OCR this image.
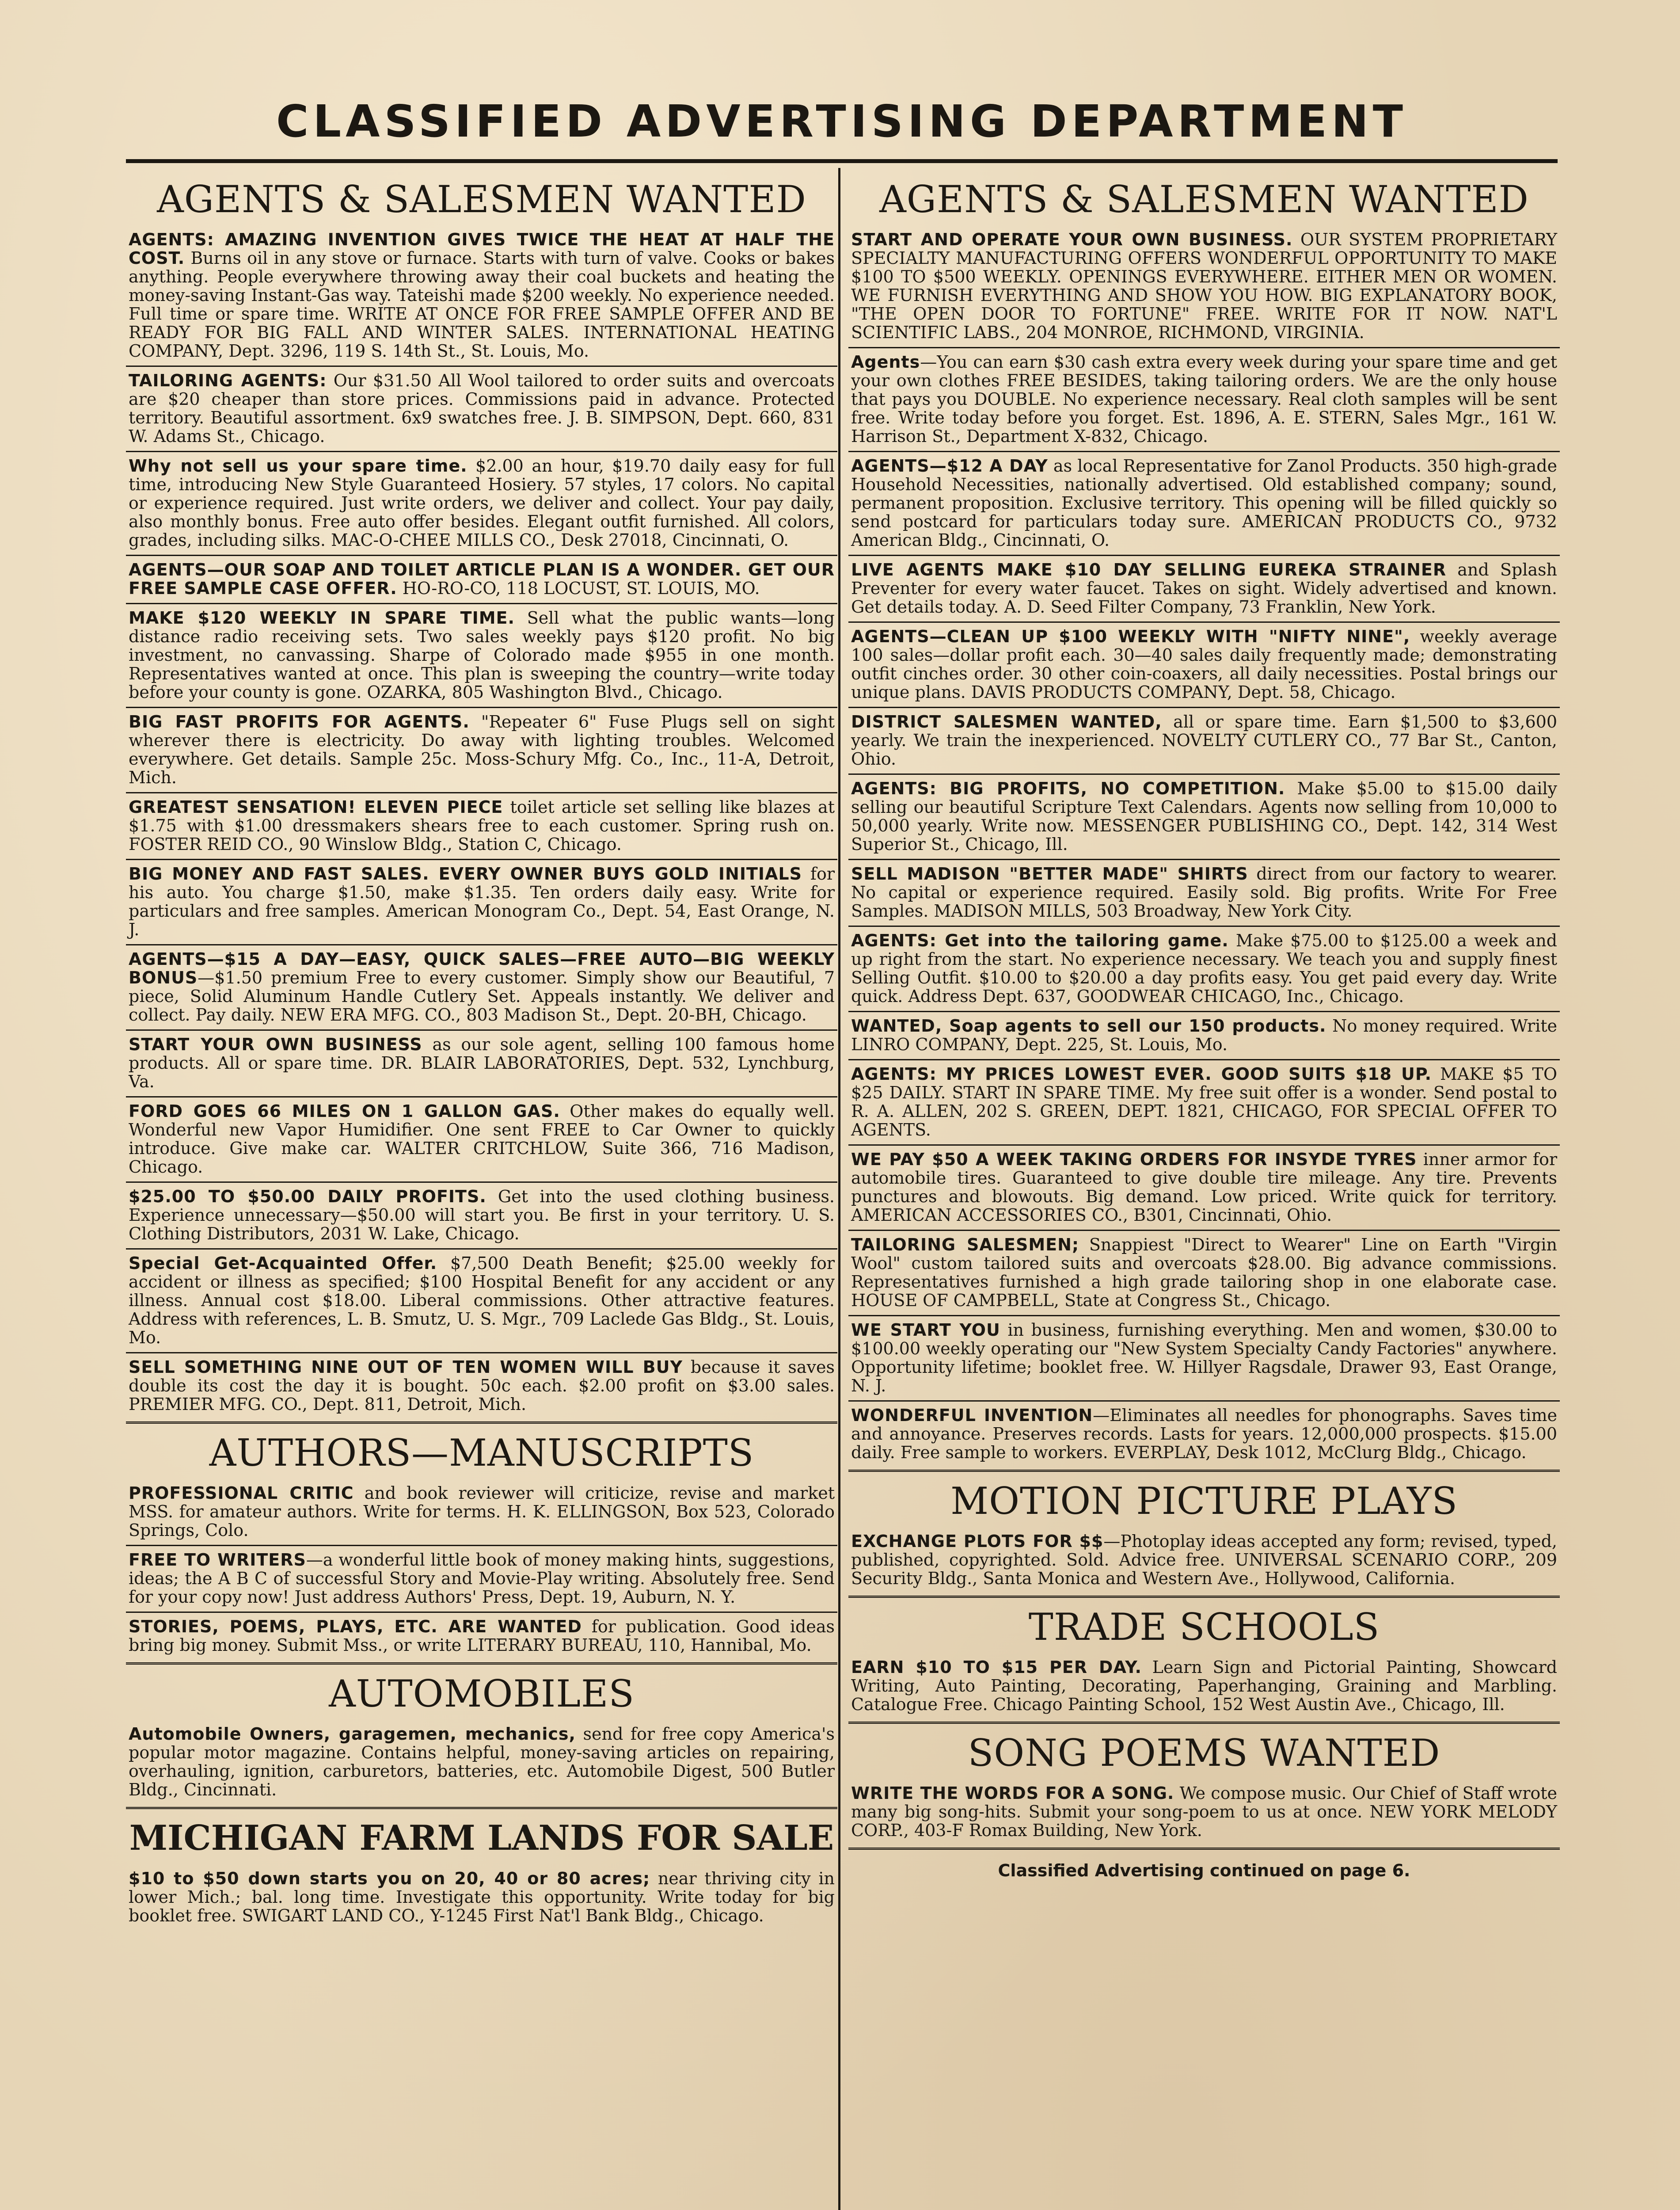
CLASSIFIED ADVERTISING DEPARTMENT
AGENTS & SALESMEN WANTED
AGENTS: AMAZING INVENTION GIVES TWICE THE HEAT AT HALF THE COST. Burns oil in any stove or furnace. Starts with turn of valve. Cooks or bakes anything. People everywhere throwing away their coal buckets and heating the money-saving Instant-Gas way. Tateishi made $200 weekly. No experience needed. Full time or spare time. WRITE AT ONCE FOR FREE SAMPLE OFFER AND BE READY FOR BIG FALL AND WINTER SALES. INTERNATIONAL HEATING COMPANY, Dept. 3296, 119 S. 14th St., St. Louis, Mo.
TAILORING AGENTS: Our $31.50 All Wool tailored to order suits and overcoats are $20 cheaper than store prices. Commissions paid in advance. Protected territory. Beautiful assortment. 6x9 swatches free. J. B. SIMPSON, Dept. 660, 831 W. Adams St., Chicago.
Why not sell us your spare time. $2.00 an hour, $19.70 daily easy for full time, introducing New Style Guaranteed Hosiery. 57 styles, 17 colors. No capital or experience required. Just write orders, we deliver and collect. Your pay daily, also monthly bonus. Free auto offer besides. Elegant outfit furnished. All colors, grades, including silks. MAC-O-CHEE MILLS CO., Desk 27018, Cincinnati, O.
AGENTS—OUR SOAP AND TOILET ARTICLE PLAN IS A WONDER. GET OUR FREE SAMPLE CASE OFFER. HO-RO-CO, 118 LOCUST, ST. LOUIS, MO.
MAKE $120 WEEKLY IN SPARE TIME. Sell what the public wants—long distance radio receiving sets. Two sales weekly pays $120 profit. No big investment, no canvassing. Sharpe of Colorado made $955 in one month. Representatives wanted at once. This plan is sweeping the country—write today before your county is gone. OZARKA, 805 Washington Blvd., Chicago.
BIG FAST PROFITS FOR AGENTS. "Repeater 6" Fuse Plugs sell on sight wherever there is electricity. Do away with lighting troubles. Welcomed everywhere. Get details. Sample 25c. Moss-Schury Mfg. Co., Inc., 11-A, Detroit, Mich.
GREATEST SENSATION! ELEVEN PIECE toilet article set selling like blazes at $1.75 with $1.00 dressmakers shears free to each customer. Spring rush on. FOSTER REID CO., 90 Winslow Bldg., Station C, Chicago.
BIG MONEY AND FAST SALES. EVERY OWNER BUYS GOLD INITIALS for his auto. You charge $1.50, make $1.35. Ten orders daily easy. Write for particulars and free samples. American Monogram Co., Dept. 54, East Orange, N. J.
AGENTS—$15 A DAY—EASY, QUICK SALES—FREE AUTO—BIG WEEKLY BONUS—$1.50 premium Free to every customer. Simply show our Beautiful, 7 piece, Solid Aluminum Handle Cutlery Set. Appeals instantly. We deliver and collect. Pay daily. NEW ERA MFG. CO., 803 Madison St., Dept. 20-BH, Chicago.
START YOUR OWN BUSINESS as our sole agent, selling 100 famous home products. All or spare time. DR. BLAIR LABORATORIES, Dept. 532, Lynchburg, Va.
FORD GOES 66 MILES ON 1 GALLON GAS. Other makes do equally well. Wonderful new Vapor Humidifier. One sent FREE to Car Owner to quickly introduce. Give make car. WALTER CRITCHLOW, Suite 366, 716 Madison, Chicago.
$25.00 TO $50.00 DAILY PROFITS. Get into the used clothing business. Experience unnecessary—$50.00 will start you. Be first in your territory. U. S. Clothing Distributors, 2031 W. Lake, Chicago.
Special Get-Acquainted Offer. $7,500 Death Benefit; $25.00 weekly for accident or illness as specified; $100 Hospital Benefit for any accident or any illness. Annual cost $18.00. Liberal commissions. Other attractive features. Address with references, L. B. Smutz, U. S. Mgr., 709 Laclede Gas Bldg., St. Louis, Mo.
SELL SOMETHING NINE OUT OF TEN WOMEN WILL BUY because it saves double its cost the day it is bought. 50c each. $2.00 profit on $3.00 sales. PREMIER MFG. CO., Dept. 811, Detroit, Mich.
AUTHORS—MANUSCRIPTS
PROFESSIONAL CRITIC and book reviewer will criticize, revise and market MSS. for amateur authors. Write for terms. H. K. ELLINGSON, Box 523, Colorado Springs, Colo.
FREE TO WRITERS—a wonderful little book of money making hints, suggestions, ideas; the A B C of successful Story and Movie-Play writing. Absolutely free. Send for your copy now! Just address Authors' Press, Dept. 19, Auburn, N. Y.
STORIES, POEMS, PLAYS, ETC. ARE WANTED for publication. Good ideas bring big money. Submit Mss., or write LITERARY BUREAU, 110, Hannibal, Mo.
AUTOMOBILES
Automobile Owners, garagemen, mechanics, send for free copy America's popular motor magazine. Contains helpful, money-saving articles on repairing, overhauling, ignition, carburetors, batteries, etc. Automobile Digest, 500 Butler Bldg., Cincinnati.
MICHIGAN FARM LANDS FOR SALE
$10 to $50 down starts you on 20, 40 or 80 acres; near thriving city in lower Mich.; bal. long time. Investigate this opportunity. Write today for big booklet free. SWIGART LAND CO., Y-1245 First Nat'l Bank Bldg., Chicago.
AGENTS & SALESMEN WANTED
START AND OPERATE YOUR OWN BUSINESS. OUR SYSTEM PROPRIETARY SPECIALTY MANUFACTURING OFFERS WONDERFUL OPPORTUNITY TO MAKE $100 TO $500 WEEKLY. OPENINGS EVERYWHERE. EITHER MEN OR WOMEN. WE FURNISH EVERYTHING AND SHOW YOU HOW. BIG EXPLANATORY BOOK, "THE OPEN DOOR TO FORTUNE" FREE. WRITE FOR IT NOW. NAT'L SCIENTIFIC LABS., 204 MONROE, RICHMOND, VIRGINIA.
Agents—You can earn $30 cash extra every week during your spare time and get your own clothes FREE BESIDES, taking tailoring orders. We are the only house that pays you DOUBLE. No experience necessary. Real cloth samples will be sent free. Write today before you forget. Est. 1896, A. E. STERN, Sales Mgr., 161 W. Harrison St., Department X-832, Chicago.
AGENTS—$12 A DAY as local Representative for Zanol Products. 350 high-grade Household Necessities, nationally advertised. Old established company; sound, permanent proposition. Exclusive territory. This opening will be filled quickly so send postcard for particulars today sure. AMERICAN PRODUCTS CO., 9732 American Bldg., Cincinnati, O.
LIVE AGENTS MAKE $10 DAY SELLING EUREKA STRAINER and Splash Preventer for every water faucet. Takes on sight. Widely advertised and known. Get details today. A. D. Seed Filter Company, 73 Franklin, New York.
AGENTS—CLEAN UP $100 WEEKLY WITH "NIFTY NINE", weekly average 100 sales—dollar profit each. 30—40 sales daily frequently made; demonstrating outfit cinches order. 30 other coin-coaxers, all daily necessities. Postal brings our unique plans. DAVIS PRODUCTS COMPANY, Dept. 58, Chicago.
DISTRICT SALESMEN WANTED, all or spare time. Earn $1,500 to $3,600 yearly. We train the inexperienced. NOVELTY CUTLERY CO., 77 Bar St., Canton, Ohio.
AGENTS: BIG PROFITS, NO COMPETITION. Make $5.00 to $15.00 daily selling our beautiful Scripture Text Calendars. Agents now selling from 10,000 to 50,000 yearly. Write now. MESSENGER PUBLISHING CO., Dept. 142, 314 West Superior St., Chicago, Ill.
SELL MADISON "BETTER MADE" SHIRTS direct from our factory to wearer. No capital or experience required. Easily sold. Big profits. Write For Free Samples. MADISON MILLS, 503 Broadway, New York City.
AGENTS: Get into the tailoring game. Make $75.00 to $125.00 a week and up right from the start. No experience necessary. We teach you and supply finest Selling Outfit. $10.00 to $20.00 a day profits easy. You get paid every day. Write quick. Address Dept. 637, GOODWEAR CHICAGO, Inc., Chicago.
WANTED, Soap agents to sell our 150 products. No money required. Write LINRO COMPANY, Dept. 225, St. Louis, Mo.
AGENTS: MY PRICES LOWEST EVER. GOOD SUITS $18 UP. MAKE $5 TO $25 DAILY. START IN SPARE TIME. My free suit offer is a wonder. Send postal to R. A. ALLEN, 202 S. GREEN, DEPT. 1821, CHICAGO, FOR SPECIAL OFFER TO AGENTS.
WE PAY $50 A WEEK TAKING ORDERS FOR INSYDE TYRES inner armor for automobile tires. Guaranteed to give double tire mileage. Any tire. Prevents punctures and blowouts. Big demand. Low priced. Write quick for territory. AMERICAN ACCESSORIES CO., B301, Cincinnati, Ohio.
TAILORING SALESMEN; Snappiest "Direct to Wearer" Line on Earth "Virgin Wool" custom tailored suits and overcoats $28.00. Big advance commissions. Representatives furnished a high grade tailoring shop in one elaborate case. HOUSE OF CAMPBELL, State at Congress St., Chicago.
WE START YOU in business, furnishing everything. Men and women, $30.00 to $100.00 weekly operating our "New System Specialty Candy Factories" anywhere. Opportunity lifetime; booklet free. W. Hillyer Ragsdale, Drawer 93, East Orange, N. J.
WONDERFUL INVENTION—Eliminates all needles for phonographs. Saves time and annoyance. Preserves records. Lasts for years. 12,000,000 prospects. $15.00 daily. Free sample to workers. EVERPLAY, Desk 1012, McClurg Bldg., Chicago.
MOTION PICTURE PLAYS
EXCHANGE PLOTS FOR $$—Photoplay ideas accepted any form; revised, typed, published, copyrighted. Sold. Advice free. UNIVERSAL SCENARIO CORP., 209 Security Bldg., Santa Monica and Western Ave., Hollywood, California.
TRADE SCHOOLS
EARN $10 TO $15 PER DAY. Learn Sign and Pictorial Painting, Showcard Writing, Auto Painting, Decorating, Paperhanging, Graining and Marbling. Catalogue Free. Chicago Painting School, 152 West Austin Ave., Chicago, Ill.
SONG POEMS WANTED
WRITE THE WORDS FOR A SONG. We compose music. Our Chief of Staff wrote many big song-hits. Submit your song-poem to us at once. NEW YORK MELODY CORP., 403-F Romax Building, New York.
Classified Advertising continued on page 6.
